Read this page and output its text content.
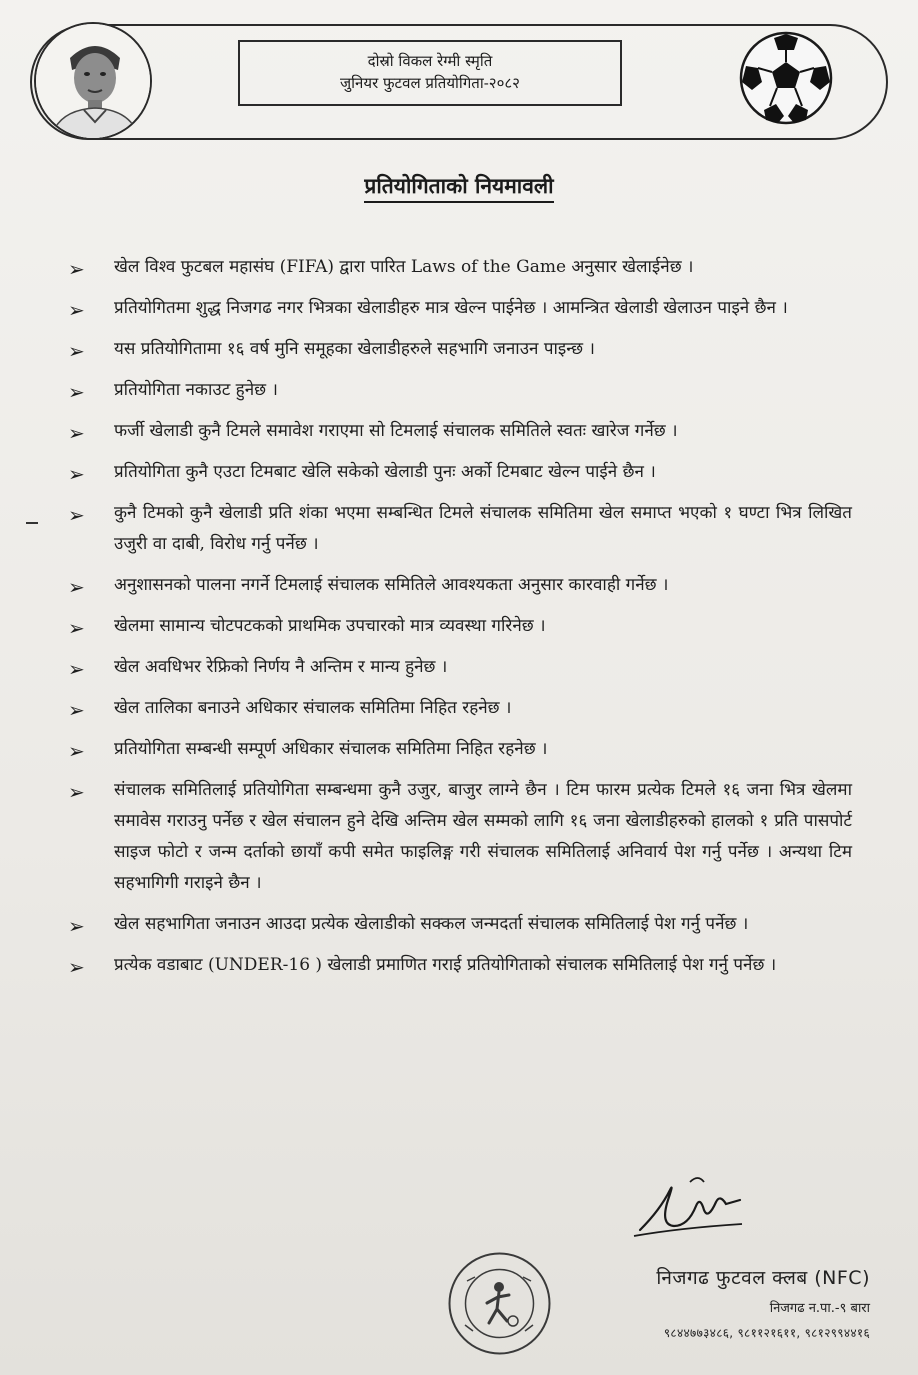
दोस्रो विकल रेग्मी स्मृति
जुनियर फुटवल प्रतियोगिता-२०८२
प्रतियोगिताको नियमावली
➢ खेल विश्व फुटबल महासंघ (FIFA) द्वारा पारित Laws of the Game अनुसार खेलाईनेछ ।
➢ प्रतियोगितमा शुद्ध निजगढ नगर भित्रका खेलाडीहरु मात्र खेल्न पाईनेछ । आमन्त्रित खेलाडी खेलाउन पाइने छैन ।
➢ यस प्रतियोगितामा १६ वर्ष मुनि समूहका खेलाडीहरुले सहभागि जनाउन पाइन्छ ।
➢ प्रतियोगिता नकाउट हुनेछ ।
➢ फर्जी खेलाडी कुनै टिमले समावेश गराएमा सो टिमलाई संचालक समितिले स्वतः खारेज गर्नेछ ।
➢ प्रतियोगिता कुनै एउटा टिमबाट खेलि सकेको खेलाडी पुनः अर्को टिमबाट खेल्न पाईने छैन ।
➢ कुनै टिमको कुनै खेलाडी प्रति शंका भएमा सम्बन्धित टिमले संचालक समितिमा खेल समाप्त भएको १ घण्टा भित्र लिखित उजुरी वा दाबी, विरोध गर्नु पर्नेछ ।
➢ अनुशासनको पालना नगर्ने टिमलाई संचालक समितिले आवश्यकता अनुसार कारवाही गर्नेछ ।
➢ खेलमा सामान्य चोटपटकको प्राथमिक उपचारको मात्र व्यवस्था गरिनेछ ।
➢ खेल अवधिभर रेफ्रिको निर्णय नै अन्तिम र मान्य हुनेछ ।
➢ खेल तालिका बनाउने अधिकार संचालक समितिमा निहित रहनेछ ।
➢ प्रतियोगिता सम्बन्धी सम्पूर्ण अधिकार संचालक समितिमा निहित रहनेछ ।
➢ संचालक समितिलाई प्रतियोगिता सम्बन्धमा कुनै उजुर, बाजुर लाग्ने छैन । टिम फारम प्रत्येक टिमले १६ जना भित्र खेलमा समावेस गराउनु पर्नेछ र खेल संचालन हुने देखि अन्तिम खेल सम्मको लागि १६ जना खेलाडीहरुको हालको १ प्रति पासपोर्ट साइज फोटो र जन्म दर्ताको छायाँ कपी समेत फाइलिङ्ग गरी संचालक समितिलाई अनिवार्य पेश गर्नु पर्नेछ । अन्यथा टिम सहभागिगी गराइने छैन ।
➢ खेल सहभागिता जनाउन आउदा प्रत्येक खेलाडीको सक्कल जन्मदर्ता संचालक समितिलाई पेश गर्नु पर्नेछ ।
➢ प्रत्येक वडाबाट (UNDER-16 ) खेलाडी प्रमाणित गराई प्रतियोगिताको संचालक समितिलाई पेश गर्नु पर्नेछ ।
निजगढ फुटवल क्लब (NFC)
निजगढ न.पा.-९ बारा
९८४४७७३४८६, ९८११२१६११, ९८१२९९४४१६
